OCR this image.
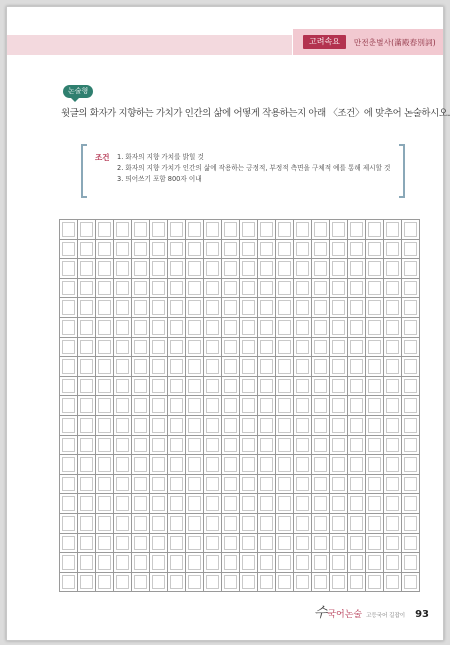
고려속요	만전춘별사(滿殿春別詞)
논술형
윗글의 화자가 지향하는 가치가 인간의 삶에 어떻게 작용하는지 아래 〈조건〉에 맞추어 논술하시오.
조건 1. 화자의 지향 가치를 밝힐 것
2. 화자의 지향 가치가 인간의 삶에 작용하는 긍정적, 부정적 측면을 구체적 예를 통해 제시할 것
3. 띄어쓰기 포함 800자 이내
수 국어논술 고등국어 길잡이 93
